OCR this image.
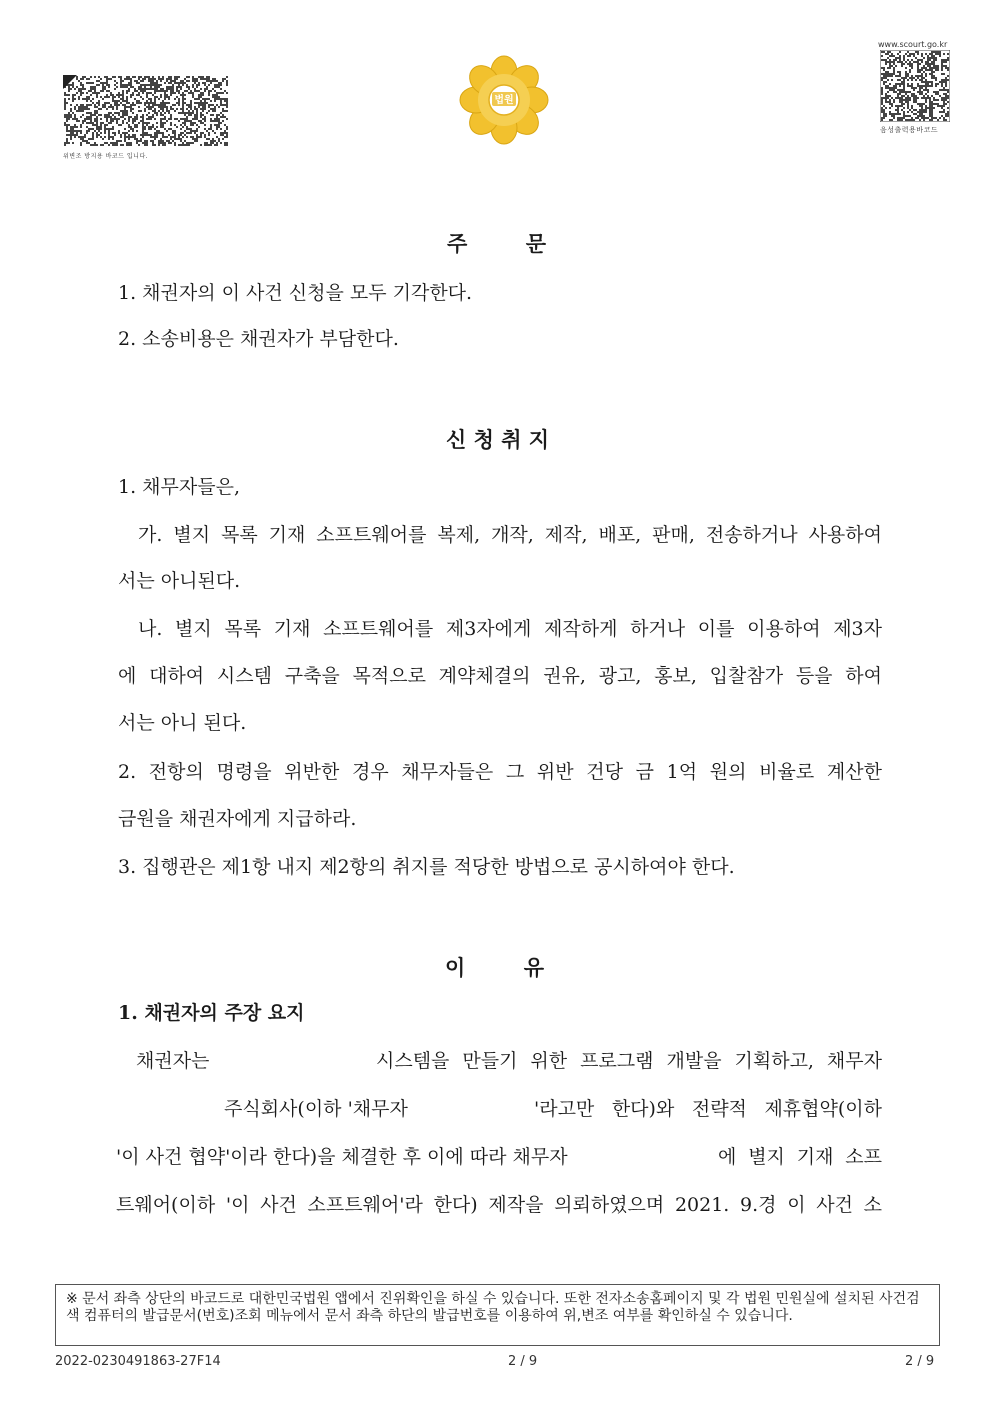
위변조 방지용 바코드 입니다.
법원
www.scourt.go.kr
음성출력용바코드
주        문
1. 채권자의 이 사건 신청을 모두 기각한다.
2. 소송비용은 채권자가 부담한다.
신 청 취 지
1. 채무자들은,
가. 별지 목록 기재 소프트웨어를 복제, 개작, 제작, 배포, 판매, 전송하거나 사용하여
서는 아니된다.
나. 별지 목록 기재 소프트웨어를 제3자에게 제작하게 하거나 이를 이용하여 제3자
에 대하여 시스템 구축을 목적으로 계약체결의 권유, 광고, 홍보, 입찰참가 등을 하여
서는 아니 된다.
2. 전항의 명령을 위반한 경우 채무자들은 그 위반 건당 금 1억 원의 비율로 계산한
금원을 채권자에게 지급하라.
3. 집행관은 제1항 내지 제2항의 취지를 적당한 방법으로 공시하여야 한다.
이        유
1. 채권자의 주장 요지
채권자는	시스템을 만들기 위한 프로그램 개발을 기획하고, 채무자
주식회사(이하 '채무자	'라고만 한다)와 전략적 제휴협약(이하
'이 사건 협약'이라 한다)을 체결한 후 이에 따라 채무자	에 별지 기재 소프
트웨어(이하 '이 사건 소프트웨어'라 한다) 제작을 의뢰하였으며 2021. 9.경 이 사건 소
※ 문서 좌측 상단의 바코드로 대한민국법원 앱에서 진위확인을 하실 수 있습니다. 또한 전자소송홈페이지 및 각 법원 민원실에 설치된 사건검색 컴퓨터의 발급문서(번호)조회 메뉴에서 문서 좌측 하단의 발급번호를 이용하여 위,변조 여부를 확인하실 수 있습니다.
2022-0230491863-27F14	2 / 9	2 / 9
